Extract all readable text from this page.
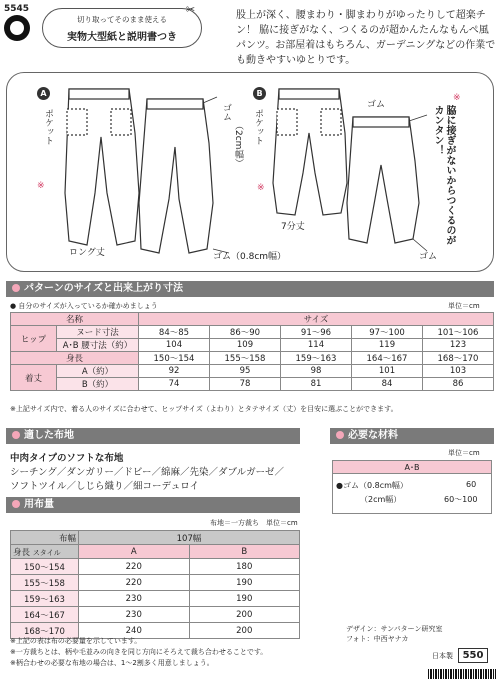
5545
切り取ってそのまま使える
実物大型紙と説明書つき
✂	股上が深く、腰まわり・脚まわりがゆったりして超楽チン！ 脇に接ぎがなく、つくるのが超かんたんなもんぺ風パンツ。お部屋着はもちろん、ガーデニングなどの作業でも動きやすいゆとりです。
A	B
ポケット	ポケット
ゴム
（2cm幅）
ゴム
※	※
ロング丈
7分丈
ゴム（0.8cm幅）	ゴム
※
脇に接ぎがないからつくるのがカンタン！
パターンのサイズと出来上がり寸法
● 自分のサイズが入っているか確かめましょう	単位＝cm
名称		サイズ				
ヒップ	ヌード寸法	84～85	86～90	91～96	97～100	101～106
	A･B 腰寸法（約）	104	109	114	119	123
身長		150～154	155～158	159～163	164～167	168～170
着丈	A（約）	92	95	98	101	103
	B（約）	74	78	81	84	86
※上記サイズ内で、着る人のサイズに合わせて、ヒップサイズ（よわり）とタテサイズ（丈）を目安に選ぶことができます。
適した布地
中肉タイプのソフトな布地
シーチング／ダンガリー／ドビー／綿麻／先染／ダブルガーゼ／
ソフトツイル／しじら織り／細コーデュロイ
必要な材料
単位＝cm
A･B
●ゴム（0.8cm幅）	60
（2cm幅）	60～100
用布量
布地＝一方裁ち　単位＝cm
布幅	107幅	
身長 スタイル	A	B
150～154	220	180
155～158	220	190
159～163	230	190
164～167	230	200
168～170	240	200
※上記の表は布の必要量を示しています。
※一方裁ちとは、柄や毛並みの向きを同じ方向にそろえて裁ち合わせることです。
※柄合わせの必要な布地の場合は、1～2割多く用意しましょう。
デザイン：サンパターン研究室
フォト：中西ヤナカ
日本製 550
